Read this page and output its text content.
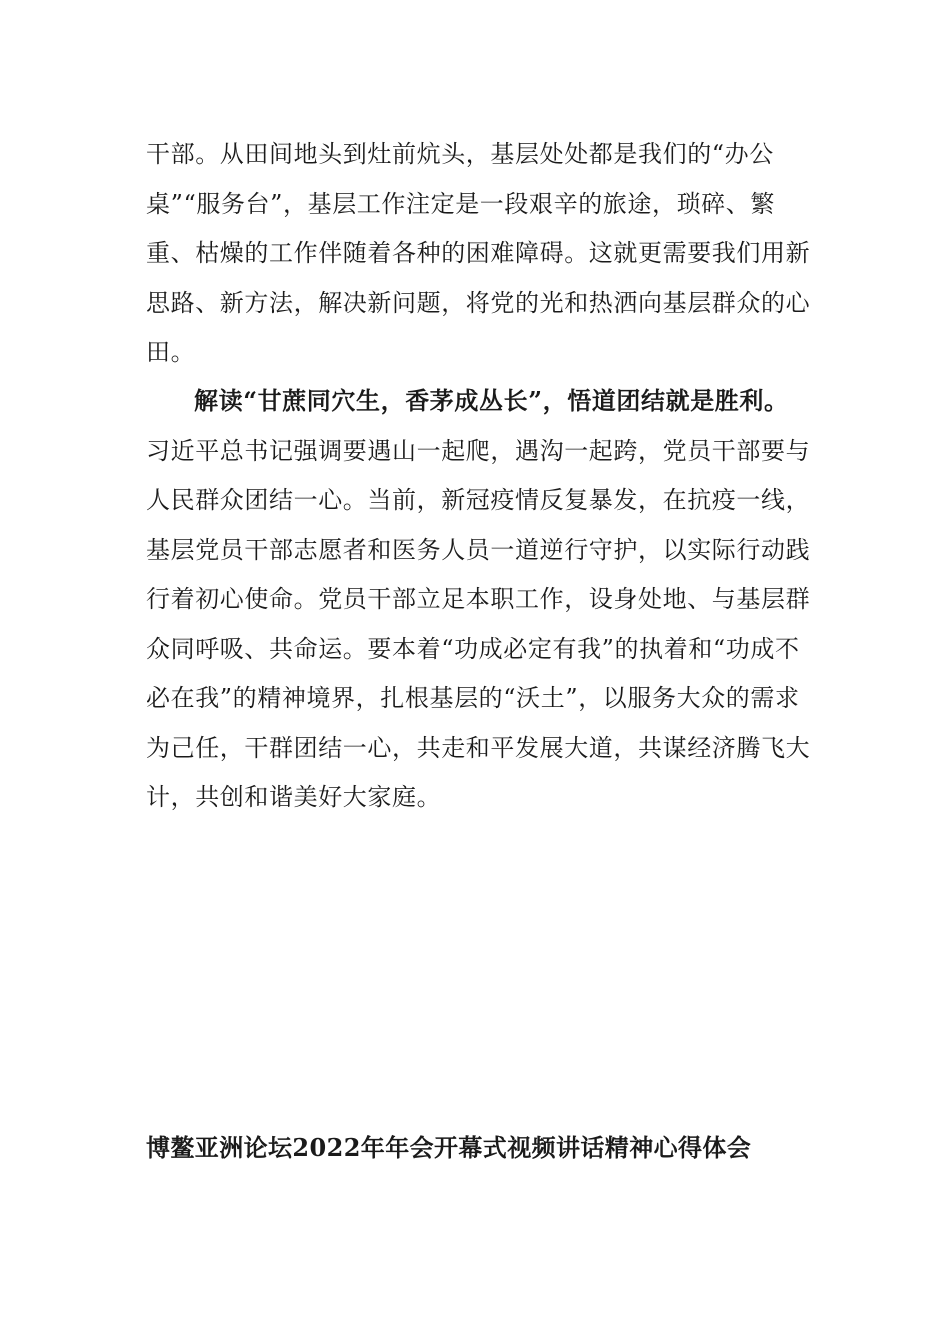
干部。从田间地头到灶前炕头，基层处处都是我们的“办公桌”“服务台”，基层工作注定是一段艰辛的旅途，琐碎、繁重、枯燥的工作伴随着各种的困难障碍。这就更需要我们用新思路、新方法，解决新问题，将党的光和热洒向基层群众的心田。

解读“甘蔗同穴生，香茅成丛长”，悟道团结就是胜利。习近平总书记强调要遇山一起爬，遇沟一起跨，党员干部要与人民群众团结一心。当前，新冠疫情反复暴发，在抗疫一线，基层党员干部志愿者和医务人员一道逆行守护，以实际行动践行着初心使命。党员干部立足本职工作，设身处地、与基层群众同呼吸、共命运。要本着“功成必定有我”的执着和“功成不必在我”的精神境界，扎根基层的“沃土”，以服务大众的需求为己任，干群团结一心，共走和平发展大道，共谋经济腾飞大计，共创和谐美好大家庭。

博鳌亚洲论坛2022年年会开幕式视频讲话精神心得体会
